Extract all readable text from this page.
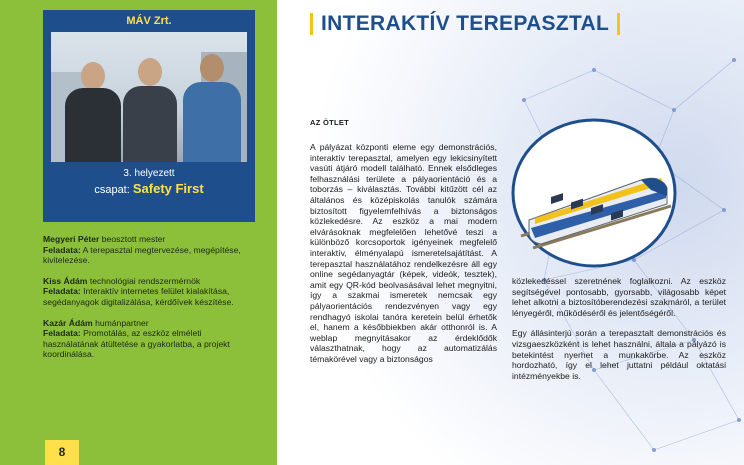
MÁV Zrt.
3. helyezett
csapat: Safety First
Megyeri Péter beosztott mester
Feladata: A terepasztal megtervezése, megépítése, kivitelezése.
Kiss Ádám technológiai rendszermérnök
Feladata: Interaktív internetes felület kialakítása, segédanyagok digitalizálása, kérdőívek készítése.
Kazár Ádám humánpartner
Feladata: Promotálás, az eszköz elméleti használatának átültetése a gyakorlatba, a projekt koordinálása.
8
INTERAKTÍV TEREPASZTAL
AZ ÖTLET
A pályázat központi eleme egy demonstrációs, interaktív terepasztal, amelyen egy lekicsinyített vasúti átjáró modell található. Ennek elsődleges felhasználási területe a pályaorientáció és a toborzás – kiválasztás. További kitűzött cél az általános és középiskolás tanulók számára biztosított figyelemfelhívás a biztonságos közlekedésre. Az eszköz a mai modern elvárásoknak megfelelően lehetővé teszi a különböző korcsoportok igényeinek megfelelő interaktív, élményalapú ismeretelsajátítást. A terepasztal használatához rendelkezésre áll egy online segédanyagtár (képek, videók, tesztek), amit egy QR-kód beolvasásával lehet megnyitni, így a szakmai ismeretek nemcsak egy pályaorientációs rendezvényen vagy egy rendhagyó iskolai tanóra keretein belül érhetők el, hanem a későbbiekben akár otthonról is. A weblap megnyitásakor az érdeklődők választhatnak, hogy az automatizálás témakörével vagy a biztonságos

közlekedéssel szeretnének foglalkozni. Az eszköz segítségével pontosabb, gyorsabb, világosabb képet lehet alkotni a biztosítóberendezési szakmáról, a terület lényegéről, működéséről és jelentőségéről.

Egy állásinterjú során a terepasztalt demonstrációs és vizsgaeszközként is lehet használni, általa a pályázó is betekintést nyerhet a munkakörbe. Az eszköz hordozható, így el lehet juttatni például oktatási intézményekbe is.
